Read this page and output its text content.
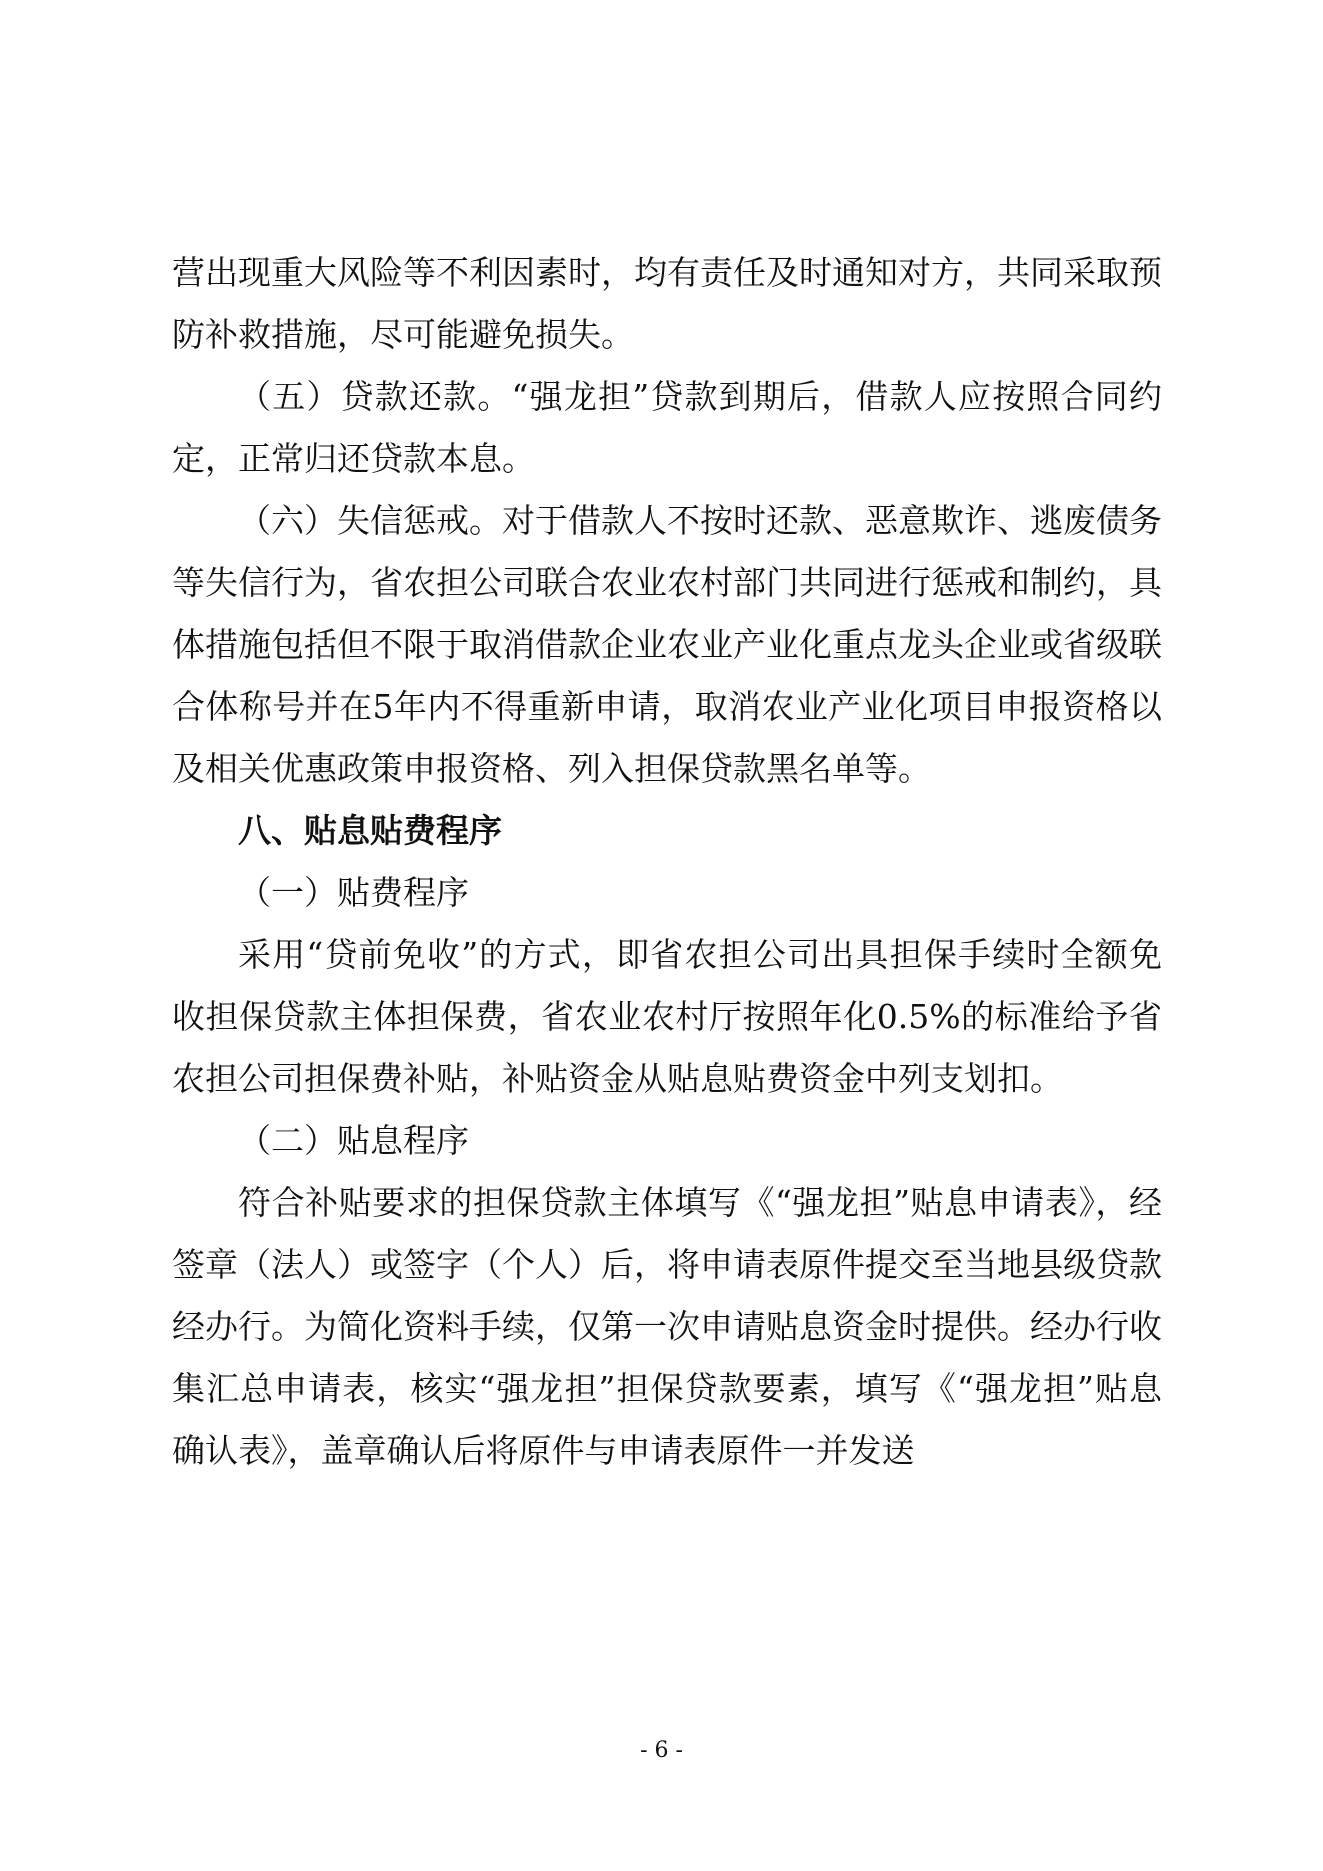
营出现重大风险等不利因素时，均有责任及时通知对方，共同采取预防补救措施，尽可能避免损失。

（五）贷款还款。“强龙担”贷款到期后，借款人应按照合同约定，正常归还贷款本息。

（六）失信惩戒。对于借款人不按时还款、恶意欺诈、逃废债务等失信行为，省农担公司联合农业农村部门共同进行惩戒和制约，具体措施包括但不限于取消借款企业农业产业化重点龙头企业或省级联合体称号并在5年内不得重新申请，取消农业产业化项目申报资格以及相关优惠政策申报资格、列入担保贷款黑名单等。

八、贴息贴费程序

（一）贴费程序

采用“贷前免收”的方式，即省农担公司出具担保手续时全额免收担保贷款主体担保费，省农业农村厅按照年化0.5%的标准给予省农担公司担保费补贴，补贴资金从贴息贴费资金中列支划扣。

（二）贴息程序

符合补贴要求的担保贷款主体填写《“强龙担”贴息申请表》，经签章（法人）或签字（个人）后，将申请表原件提交至当地县级贷款经办行。为简化资料手续，仅第一次申请贴息资金时提供。经办行收集汇总申请表，核实“强龙担”担保贷款要素，填写《“强龙担”贴息确认表》，盖章确认后将原件与申请表原件一并发送

- 6 -
